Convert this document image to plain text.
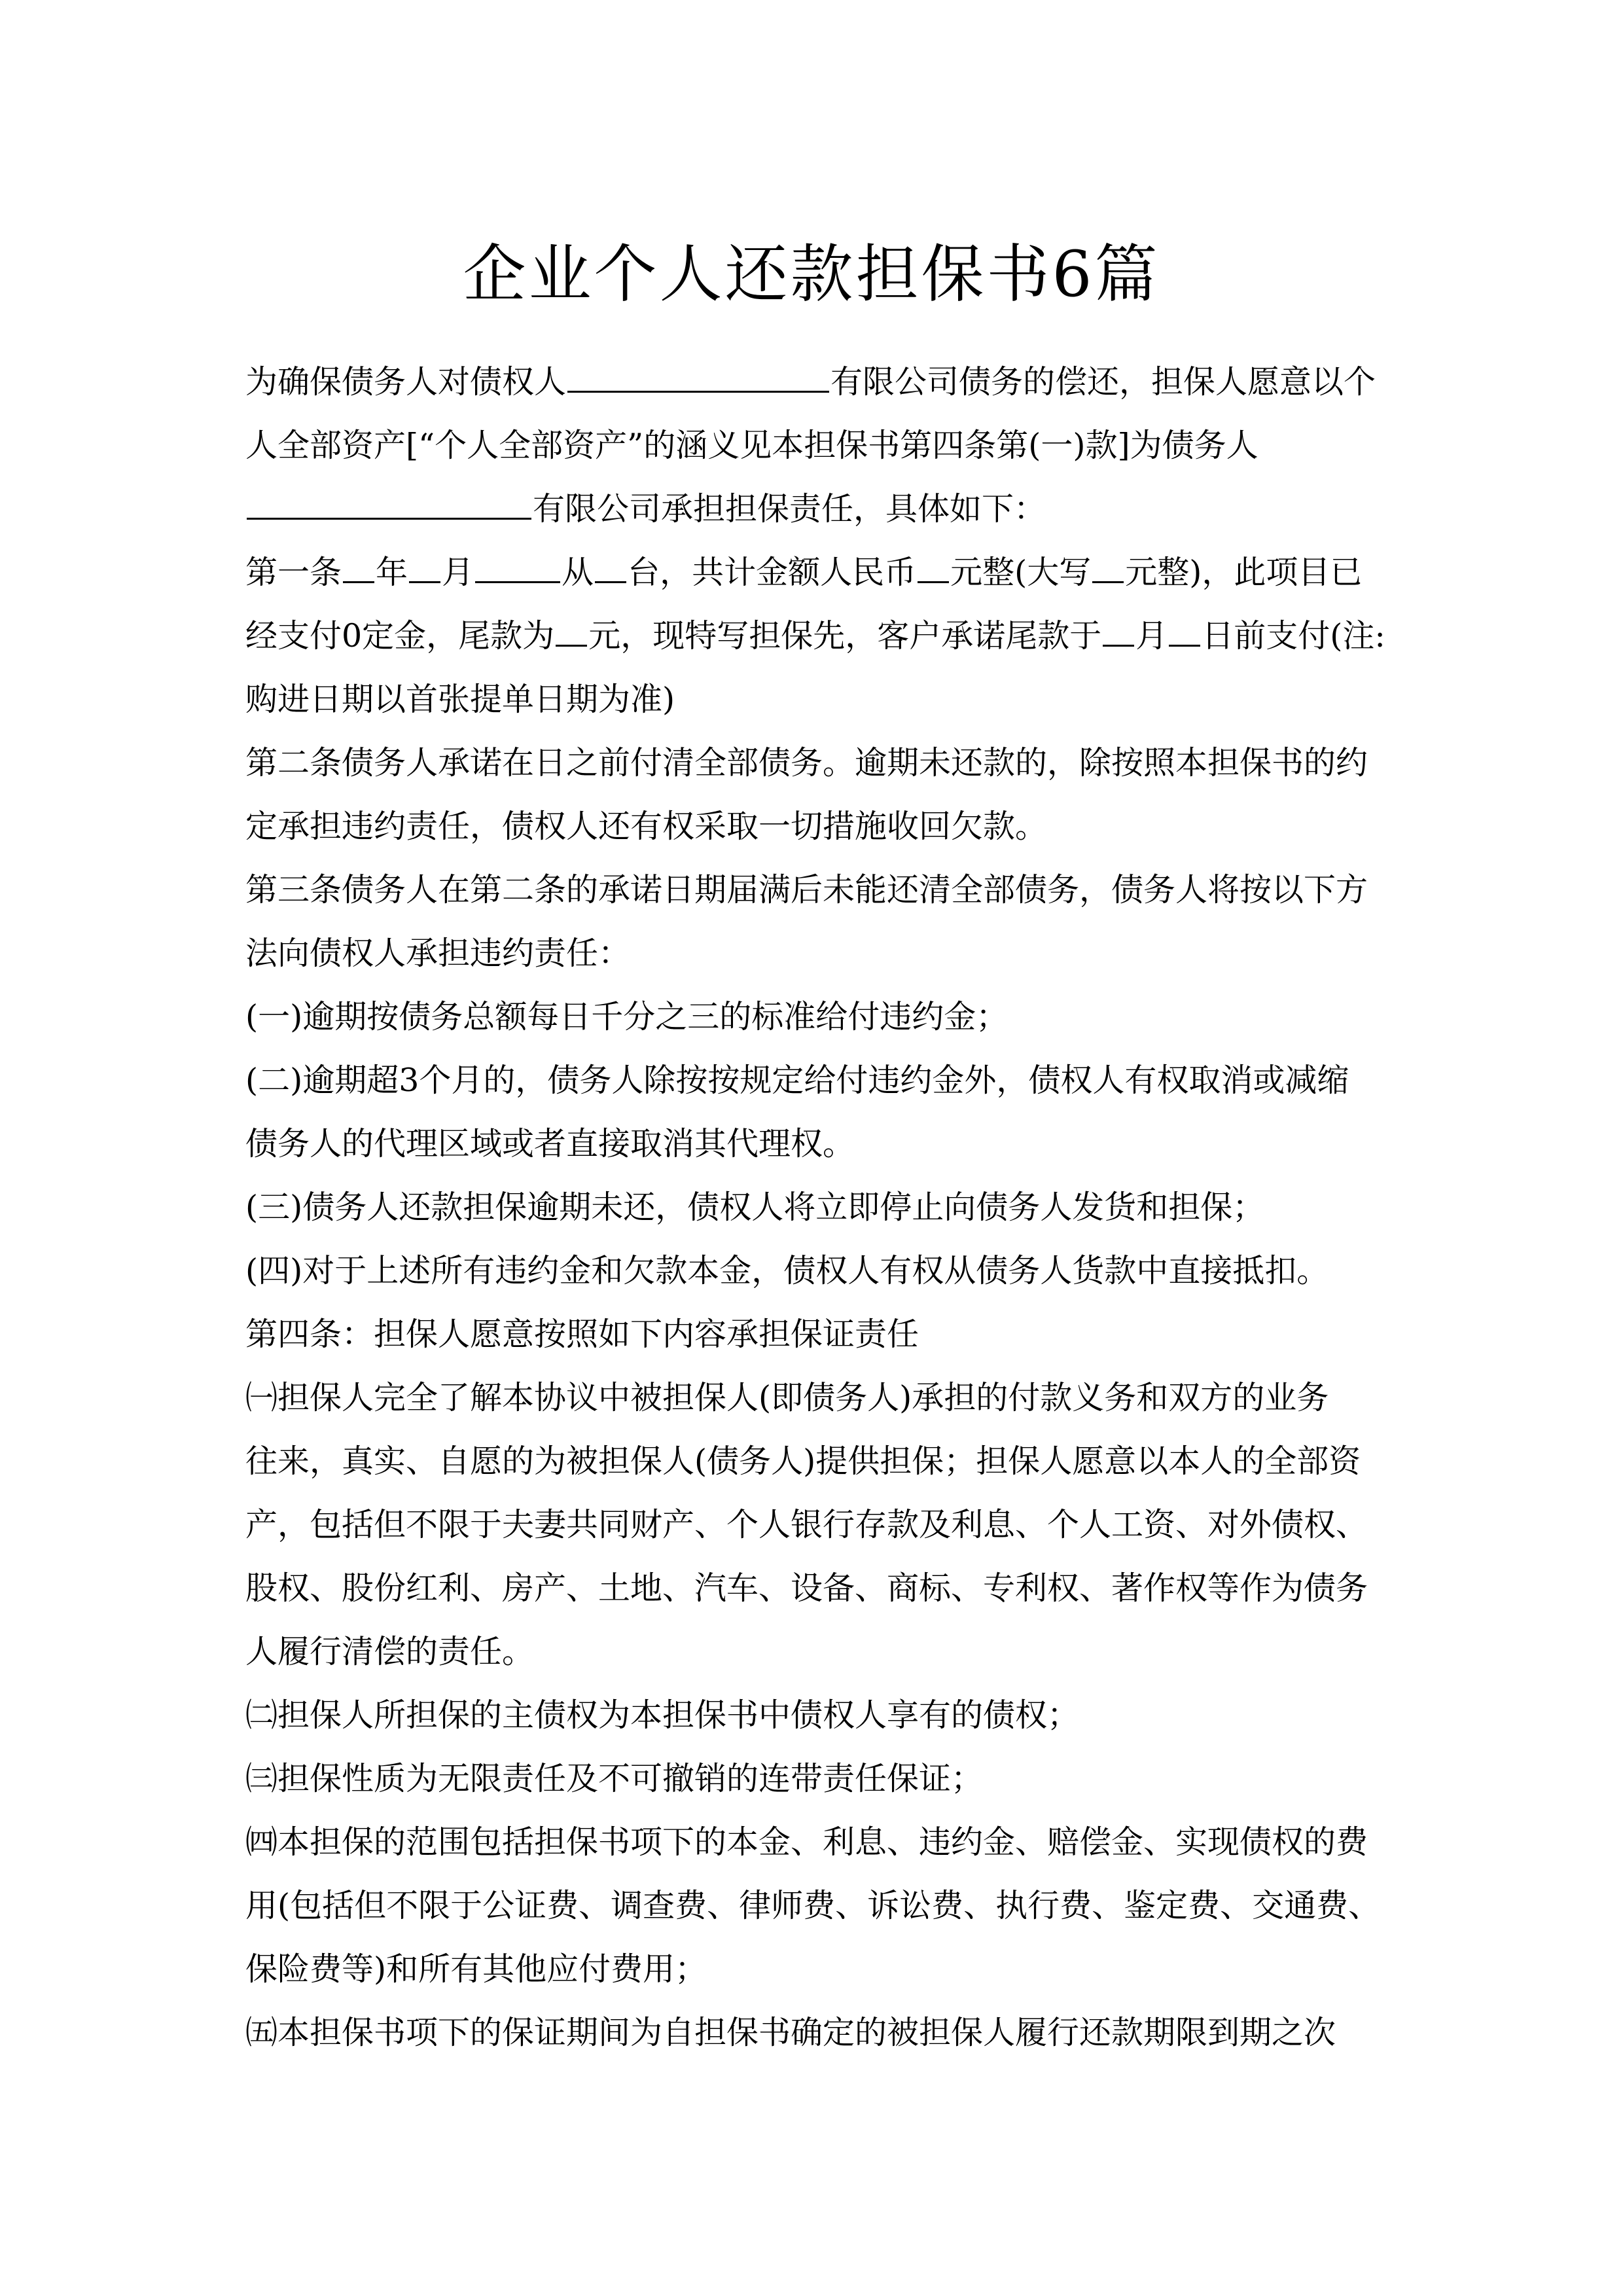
企业个人还款担保书6篇
为确保债务人对债权人	有限公司债务的偿还，担保人愿意以个
人全部资产[“个人全部资产”的涵义见本担保书第四条第(一)款]为债务人
有限公司承担担保责任，具体如下：
第一条 年 月	从 台，共计金额人民币 元整(大写 元整)，此项目已
经支付0定金，尾款为 元，现特写担保先，客户承诺尾款于 月 日前支付(注:
购进日期以首张提单日期为准)
第二条债务人承诺在日之前付清全部债务。逾期未还款的，除按照本担保书的约
定承担违约责任，债权人还有权采取一切措施收回欠款。
第三条债务人在第二条的承诺日期届满后未能还清全部债务，债务人将按以下方
法向债权人承担违约责任：
(一)逾期按债务总额每日千分之三的标准给付违约金；
(二)逾期超3个月的，债务人除按按规定给付违约金外，债权人有权取消或减缩
债务人的代理区域或者直接取消其代理权。
(三)债务人还款担保逾期未还，债权人将立即停止向债务人发货和担保；
(四)对于上述所有违约金和欠款本金，债权人有权从债务人货款中直接抵扣。
第四条：担保人愿意按照如下内容承担保证责任
㈠担保人完全了解本协议中被担保人(即债务人)承担的付款义务和双方的业务
往来，真实、自愿的为被担保人(债务人)提供担保；担保人愿意以本人的全部资
产，包括但不限于夫妻共同财产、个人银行存款及利息、个人工资、对外债权、
股权、股份红利、房产、土地、汽车、设备、商标、专利权、著作权等作为债务
人履行清偿的责任。
㈡担保人所担保的主债权为本担保书中债权人享有的债权；
㈢担保性质为无限责任及不可撤销的连带责任保证；
㈣本担保的范围包括担保书项下的本金、利息、违约金、赔偿金、实现债权的费
用(包括但不限于公证费、调查费、律师费、诉讼费、执行费、鉴定费、交通费、
保险费等)和所有其他应付费用；
㈤本担保书项下的保证期间为自担保书确定的被担保人履行还款期限到期之次
